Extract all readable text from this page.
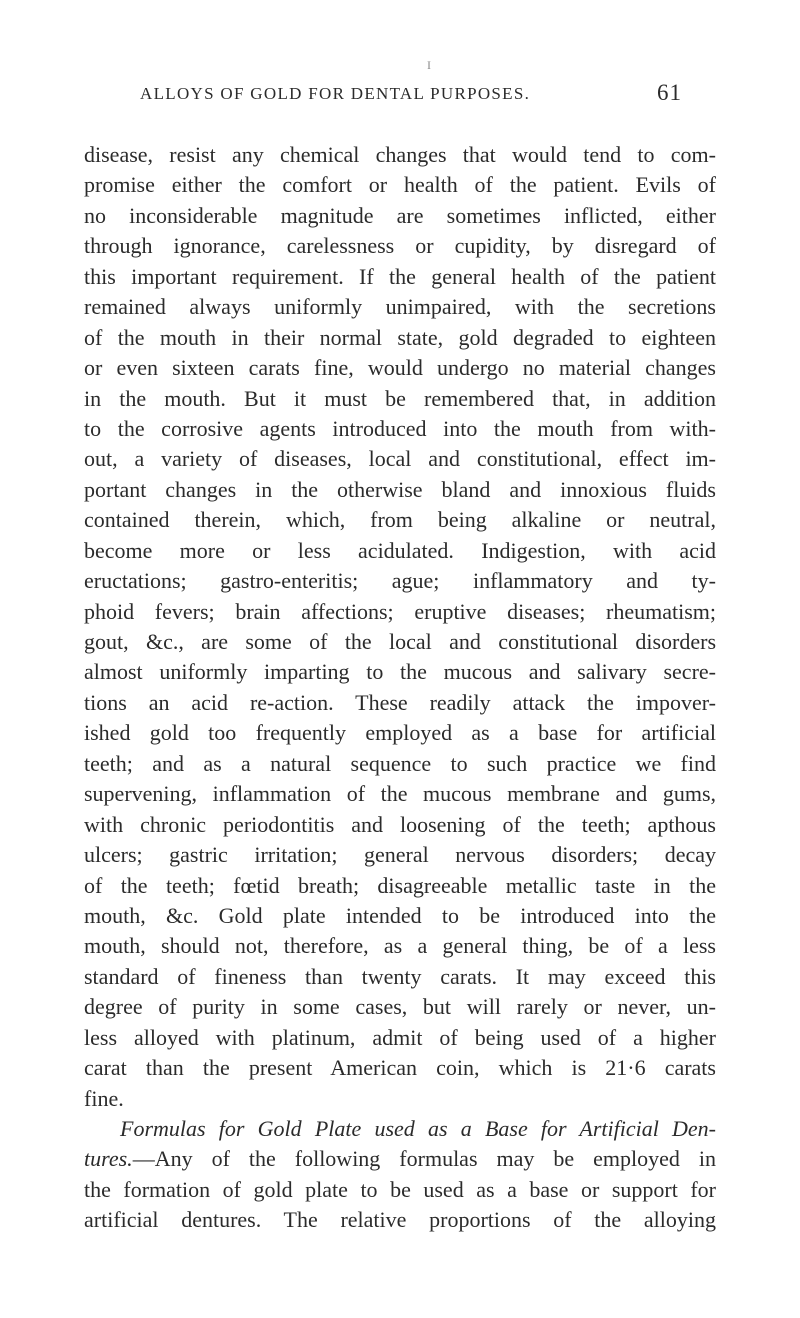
I
ALLOYS OF GOLD FOR DENTAL PURPOSES.	61
disease, resist any chemical changes that would tend to com-
promise either the comfort or health of the patient. Evils of
no inconsiderable magnitude are sometimes inflicted, either
through ignorance, carelessness or cupidity, by disregard of
this important requirement. If the general health of the patient
remained always uniformly unimpaired, with the secretions
of the mouth in their normal state, gold degraded to eighteen
or even sixteen carats fine, would undergo no material changes
in the mouth. But it must be remembered that, in addition
to the corrosive agents introduced into the mouth from with-
out, a variety of diseases, local and constitutional, effect im-
portant changes in the otherwise bland and innoxious fluids
contained therein, which, from being alkaline or neutral,
become more or less acidulated. Indigestion, with acid
eructations; gastro-enteritis; ague; inflammatory and ty-
phoid fevers; brain affections; eruptive diseases; rheumatism;
gout, &c., are some of the local and constitutional disorders
almost uniformly imparting to the mucous and salivary secre-
tions an acid re-action. These readily attack the impover-
ished gold too frequently employed as a base for artificial
teeth; and as a natural sequence to such practice we find
supervening, inflammation of the mucous membrane and gums,
with chronic periodontitis and loosening of the teeth; apthous
ulcers; gastric irritation; general nervous disorders; decay
of the teeth; fœtid breath; disagreeable metallic taste in the
mouth, &c. Gold plate intended to be introduced into the
mouth, should not, therefore, as a general thing, be of a less
standard of fineness than twenty carats. It may exceed this
degree of purity in some cases, but will rarely or never, un-
less alloyed with platinum, admit of being used of a higher
carat than the present American coin, which is 21·6 carats
fine.
Formulas for Gold Plate used as a Base for Artificial Den-
tures.—Any of the following formulas may be employed in
the formation of gold plate to be used as a base or support for
artificial dentures. The relative proportions of the alloying
